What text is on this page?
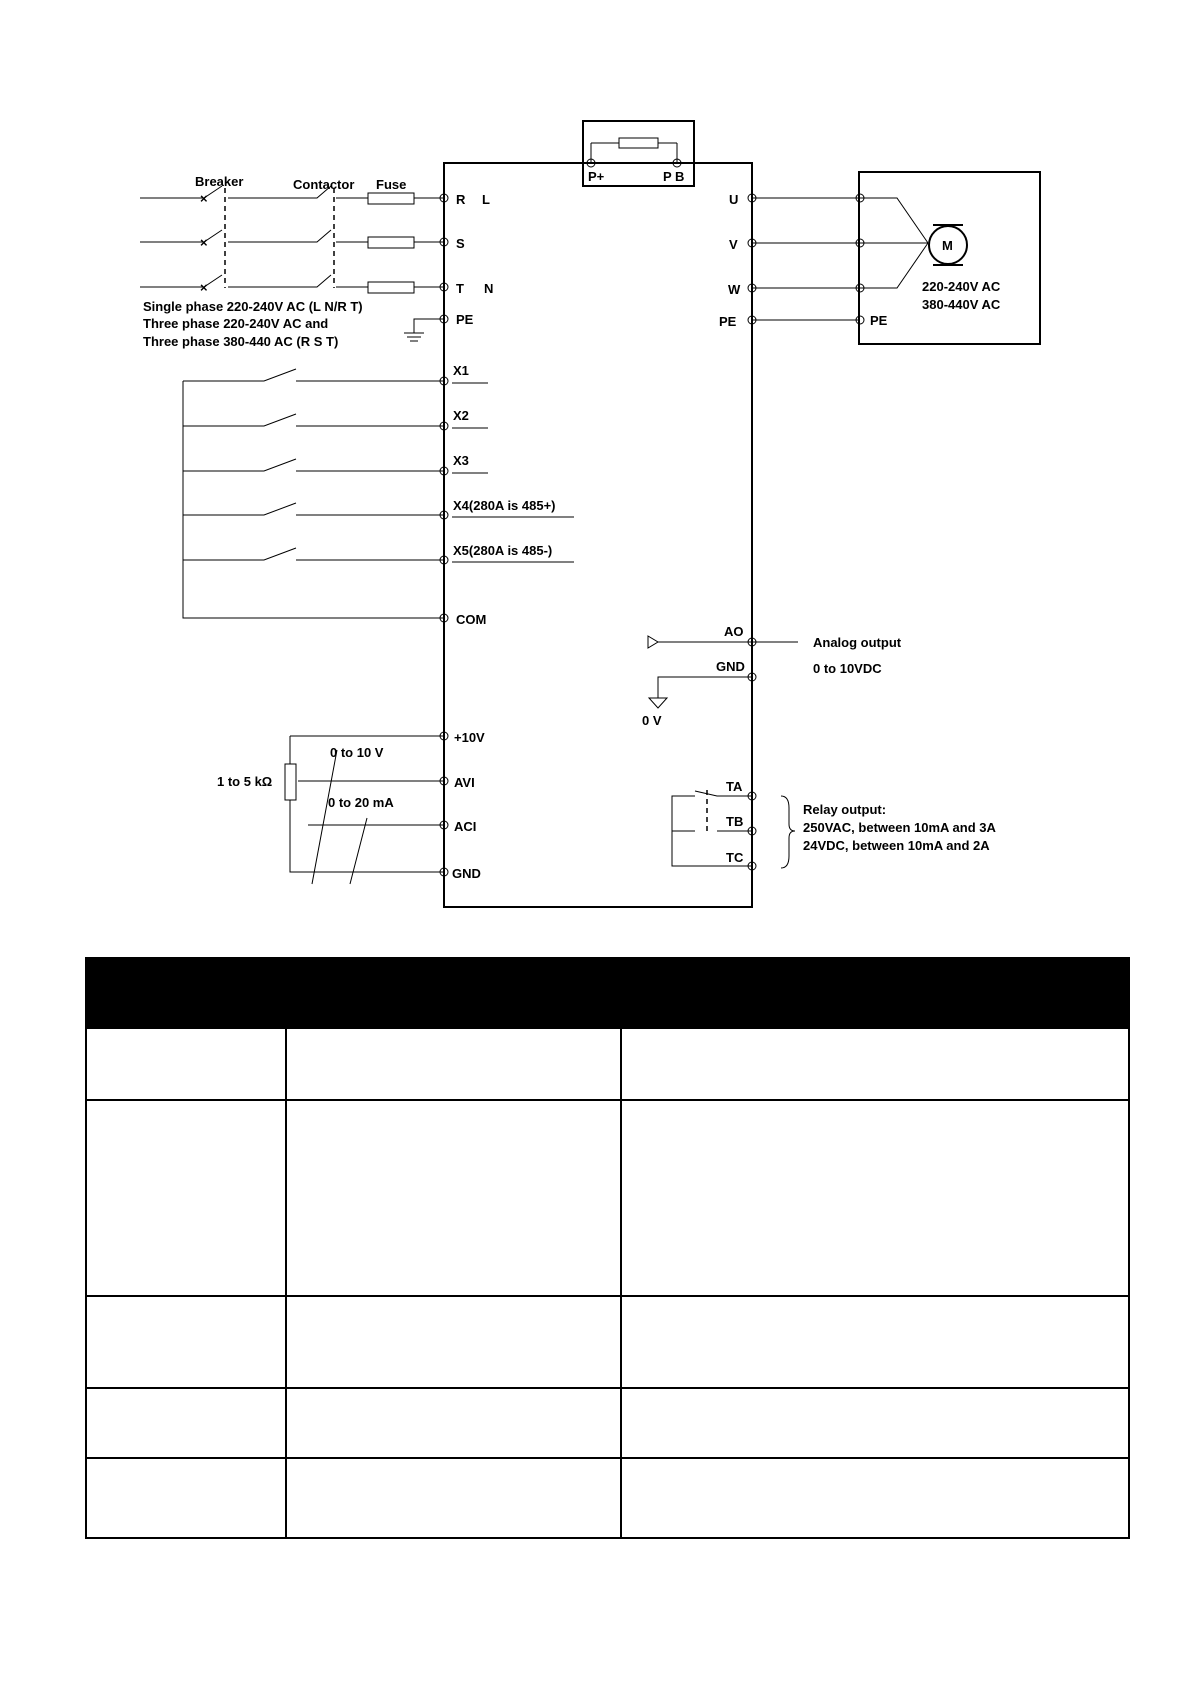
P+	P B
×
×
×
Breaker	Contactor Fuse
Single phase 220-240V AC (L N/R T)
Three phase 220-240V AC and
Three phase 380-440 AC (R S T)
R L
S
T N
PE
X1
X2
X3
X4(280A is 485+)
X5(280A is 485-)
COM
+10V
AVI
ACI
GND
1 to 5 kΩ
0 to 10 V
0 to 20 mA
M
U
V
W
PE	PE
220-240V AC
380-440V AC
AO
GND
Analog output
0 to 10VDC
0 V
TA
TB
TC
Relay output:
250VAC, between 10mA and 3A
24VDC, between 10mA and 2A
